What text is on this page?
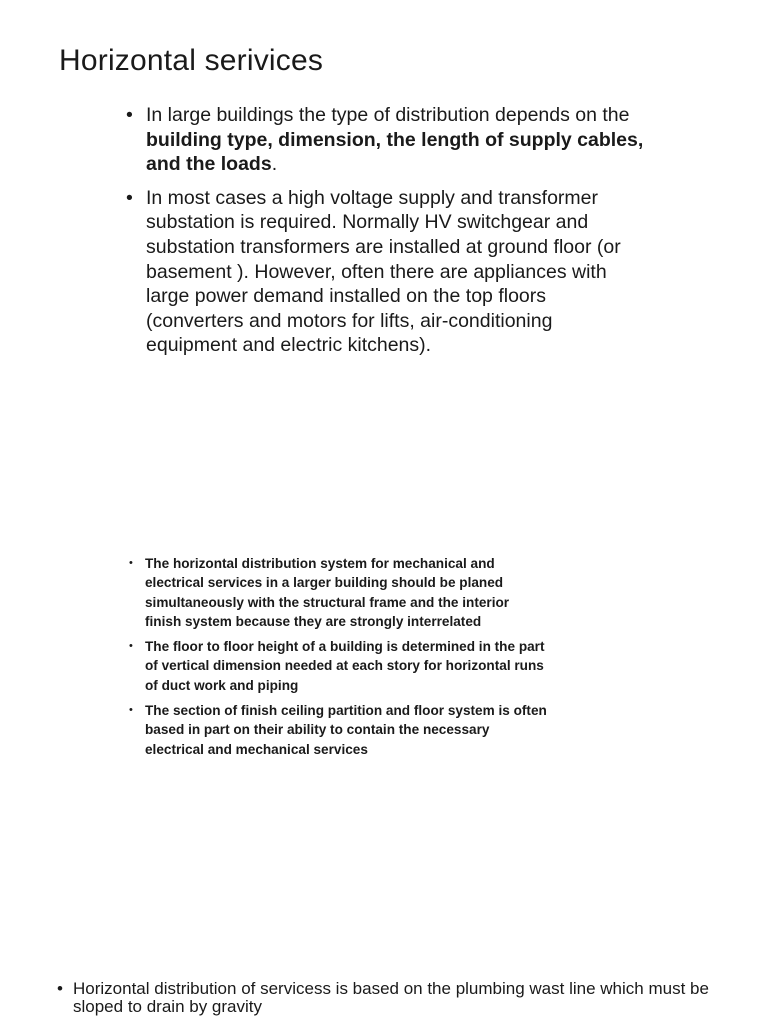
Horizontal serivices
• In large buildings the type of distribution depends on the building type, dimension, the length of supply cables, and the loads.
• In most cases a high voltage supply and transformer substation is required. Normally HV switchgear and substation transformers are installed at ground floor (or basement ). However, often there are appliances with large power demand installed on the top floors (converters and motors for lifts, air-conditioning equipment and electric kitchens).
• The horizontal distribution system for mechanical and electrical services in a larger building should be planed simultaneously with the structural frame and the interior finish system because they are strongly interrelated
• The floor to floor height of a building is determined in the part of vertical dimension needed at each story for horizontal runs of duct work and piping
• The section of finish ceiling partition and floor system is often based in part on their ability to contain the necessary electrical and mechanical services
• Horizontal distribution of servicess is based on the plumbing wast line which must be sloped to drain by gravity
